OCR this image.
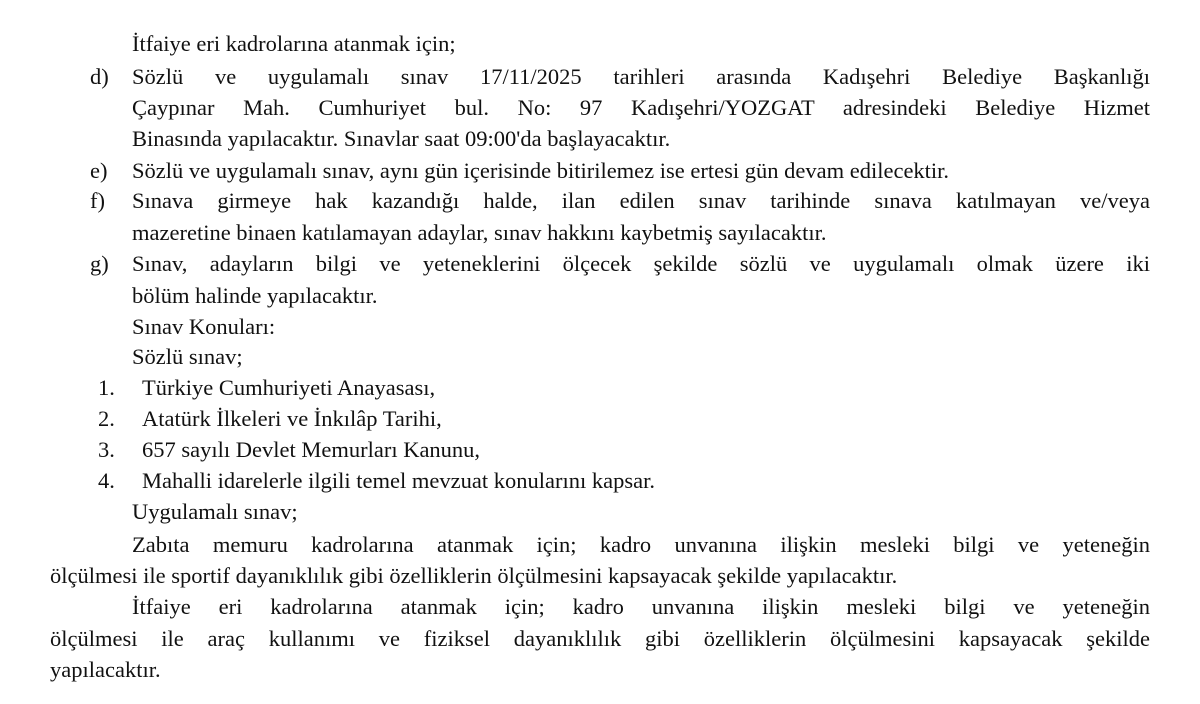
İtfaiye eri kadrolarına atanmak için;
d) Sözlü ve uygulamalı sınav 17/11/2025 tarihleri arasında Kadışehri Belediye Başkanlığı
Çaypınar Mah. Cumhuriyet bul. No: 97 Kadışehri/YOZGAT adresindeki Belediye Hizmet
Binasında yapılacaktır. Sınavlar saat 09:00'da başlayacaktır.
e) Sözlü ve uygulamalı sınav, aynı gün içerisinde bitirilemez ise ertesi gün devam edilecektir.
f) Sınava girmeye hak kazandığı halde, ilan edilen sınav tarihinde sınava katılmayan ve/veya
mazeretine binaen katılamayan adaylar, sınav hakkını kaybetmiş sayılacaktır.
g) Sınav, adayların bilgi ve yeteneklerini ölçecek şekilde sözlü ve uygulamalı olmak üzere iki
bölüm halinde yapılacaktır.
Sınav Konuları:
Sözlü sınav;
1. Türkiye Cumhuriyeti Anayasası,
2. Atatürk İlkeleri ve İnkılâp Tarihi,
3. 657 sayılı Devlet Memurları Kanunu,
4. Mahalli idarelerle ilgili temel mevzuat konularını kapsar.
Uygulamalı sınav;
Zabıta memuru kadrolarına atanmak için; kadro unvanına ilişkin mesleki bilgi ve yeteneğin
ölçülmesi ile sportif dayanıklılık gibi özelliklerin ölçülmesini kapsayacak şekilde yapılacaktır.
İtfaiye eri kadrolarına atanmak için; kadro unvanına ilişkin mesleki bilgi ve yeteneğin
ölçülmesi ile araç kullanımı ve fiziksel dayanıklılık gibi özelliklerin ölçülmesini kapsayacak şekilde
yapılacaktır.
